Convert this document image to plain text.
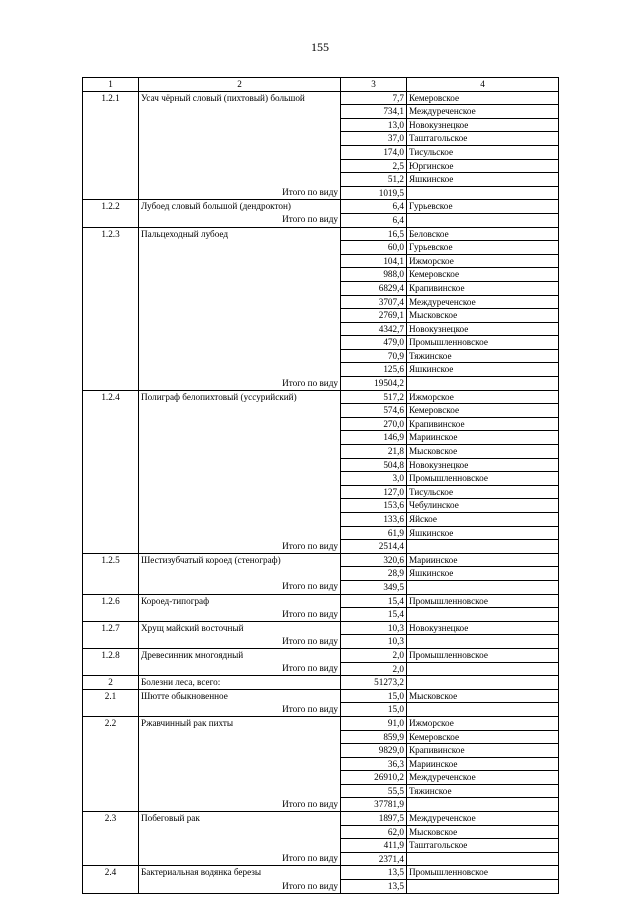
155
1	2	3	4
1.2.1	Усач чёрный словый (пихтовый) большой	7,7	Кемеровское
		734,1	Междуреченское
		13,0	Новокузнецкое
		37,0	Таштагольское
		174,0	Тисульское
		2,5	Юргинское
		51,2	Яшкинское
	Итого по виду	1019,5	
1.2.2	Лубоед словый большой (дендроктон)	6,4	Гурьевское
	Итого по виду	6,4	
1.2.3	Пальцеходный лубоед	16,5	Беловское
		60,0	Гурьевское
		104,1	Ижморское
		988,0	Кемеровское
		6829,4	Крапивинское
		3707,4	Междуреченское
		2769,1	Мысковское
		4342,7	Новокузнецкое
		479,0	Промышленновское
		70,9	Тяжинское
		125,6	Яшкинское
	Итого по виду	19504,2	
1.2.4	Полиграф белопихтовый (уссурийский)	517,2	Ижморское
		574,6	Кемеровское
		270,0	Крапивинское
		146,9	Мариинское
		21,8	Мысковское
		504,8	Новокузнецкое
		3,0	Промышленновское
		127,0	Тисульское
		153,6	Чебулинское
		133,6	Яйское
		61,9	Яшкинское
	Итого по виду	2514,4	
1.2.5	Шестизубчатый короед (стенограф)	320,6	Мариинское
		28,9	Яшкинское
	Итого по виду	349,5	
1.2.6	Короед-типограф	15,4	Промышленновское
	Итого по виду	15,4	
1.2.7	Хрущ майский восточный	10,3	Новокузнецкое
	Итого по виду	10,3	
1.2.8	Древесинник многоядный	2,0	Промышленновское
	Итого по виду	2,0	
2	Болезни леса, всего:	51273,2	
2.1	Шютте обыкновенное	15,0	Мысковское
	Итого по виду	15,0	
2.2	Ржавчинный рак пихты	91,0	Ижморское
		859,9	Кемеровское
		9829,0	Крапивинское
		36,3	Мариинское
		26910,2	Междуреченское
		55,5	Тяжинское
	Итого по виду	37781,9	
2.3	Побеговый рак	1897,5	Междуреченское
		62,0	Мысковское
		411,9	Таштагольское
	Итого по виду	2371,4	
2.4	Бактериальная водянка березы	13,5	Промышленновское
	Итого по виду	13,5	
